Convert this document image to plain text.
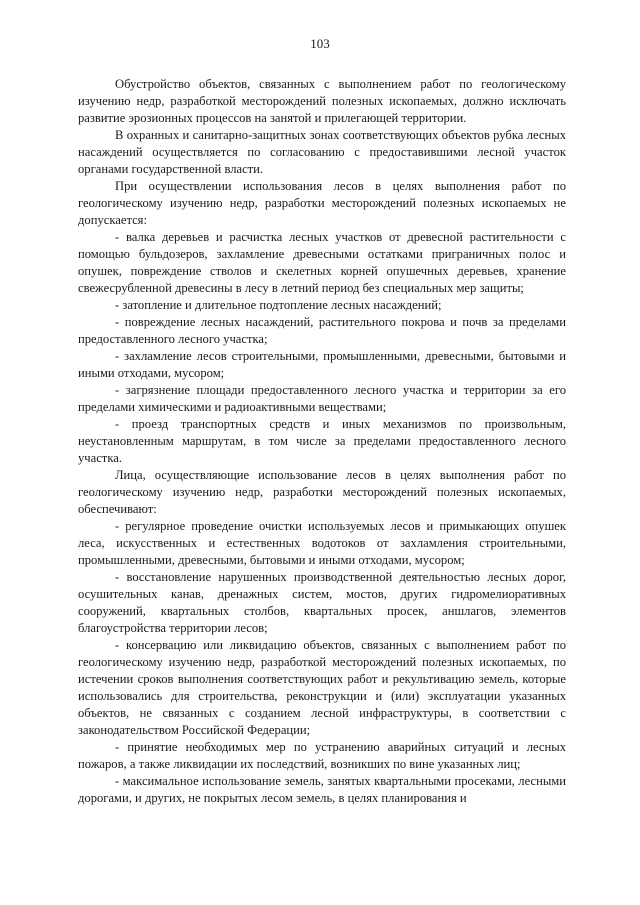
103

Обустройство объектов, связанных с выполнением работ по геологическому изучению недр, разработкой месторождений полезных ископаемых, должно исключать развитие эрозионных процессов на занятой и прилегающей территории.

В охранных и санитарно-защитных зонах соответствующих объектов рубка лесных насаждений осуществляется по согласованию с предоставившими лесной участок органами государственной власти.

При осуществлении использования лесов в целях выполнения работ по геологическому изучению недр, разработки месторождений полезных ископаемых не допускается:

- валка деревьев и расчистка лесных участков от древесной растительности с помощью бульдозеров, захламление древесными остатками приграничных полос и опушек, повреждение стволов и скелетных корней опушечных деревьев, хранение свежесрубленной древесины в лесу в летний период без специальных мер защиты;

- затопление и длительное подтопление лесных насаждений;

- повреждение лесных насаждений, растительного покрова и почв за пределами предоставленного лесного участка;

- захламление лесов строительными, промышленными, древесными, бытовыми и иными отходами, мусором;

- загрязнение площади предоставленного лесного участка и территории за его пределами химическими и радиоактивными веществами;

- проезд транспортных средств и иных механизмов по произвольным, неустановленным маршрутам, в том числе за пределами предоставленного лесного участка.

Лица, осуществляющие использование лесов в целях выполнения работ по геологическому изучению недр, разработки месторождений полезных ископаемых, обеспечивают:

- регулярное проведение очистки используемых лесов и примыкающих опушек леса, искусственных и естественных водотоков от захламления строительными, промышленными, древесными, бытовыми и иными отходами, мусором;

- восстановление нарушенных производственной деятельностью лесных дорог, осушительных канав, дренажных систем, мостов, других гидромелиоративных сооружений, квартальных столбов, квартальных просек, аншлагов, элементов благоустройства территории лесов;

- консервацию или ликвидацию объектов, связанных с выполнением работ по геологическому изучению недр, разработкой месторождений полезных ископаемых, по истечении сроков выполнения соответствующих работ и рекультивацию земель, которые использовались для строительства, реконструкции и (или) эксплуатации указанных объектов, не связанных с созданием лесной инфраструктуры, в соответствии с законодательством Российской Федерации;

- принятие необходимых мер по устранению аварийных ситуаций и лесных пожаров, а также ликвидации их последствий, возникших по вине указанных лиц;

- максимальное использование земель, занятых квартальными просеками, лесными дорогами, и других, не покрытых лесом земель, в целях планирования и
